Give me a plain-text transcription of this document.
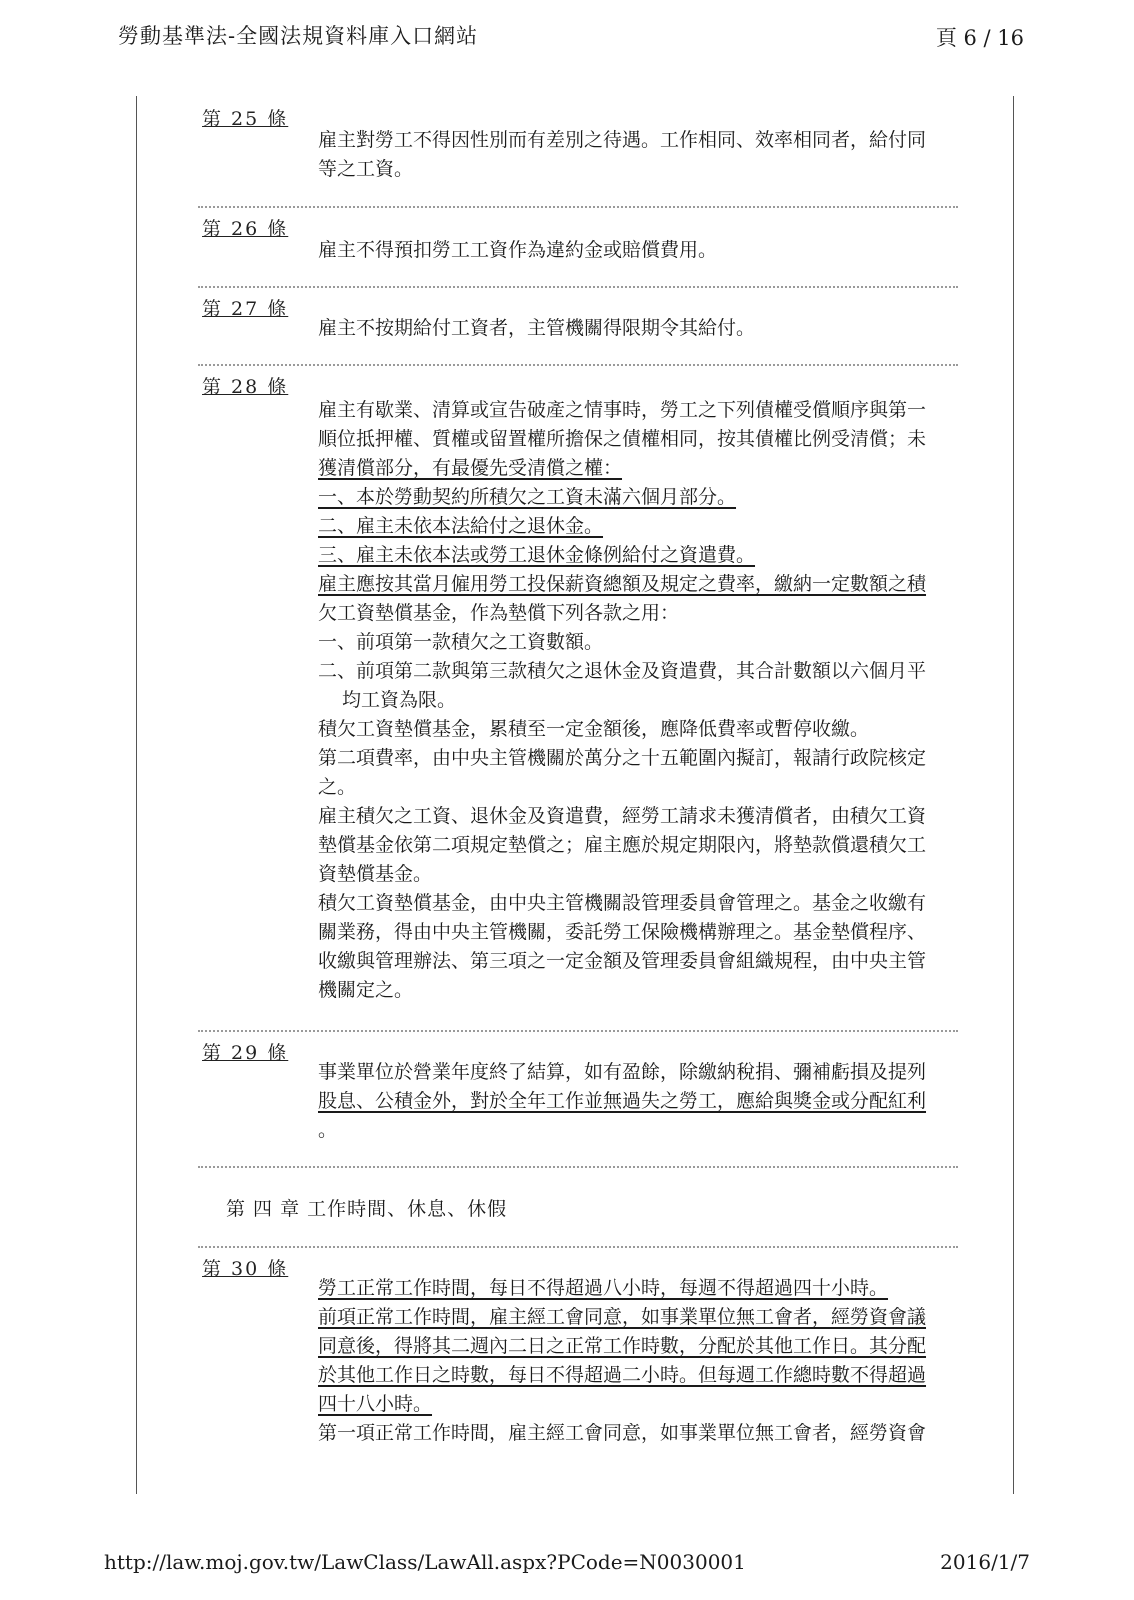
勞動基準法-全國法規資料庫入口網站	頁 6 / 16
第 25 條
雇主對勞工不得因性別而有差別之待遇。工作相同、效率相同者，給付同
等之工資。
第 26 條
雇主不得預扣勞工工資作為違約金或賠償費用。
第 27 條
雇主不按期給付工資者，主管機關得限期令其給付。
第 28 條
雇主有歇業、清算或宣告破產之情事時，勞工之下列債權受償順序與第一
順位抵押權、質權或留置權所擔保之債權相同，按其債權比例受清償；未
獲清償部分，有最優先受清償之權：
一、本於勞動契約所積欠之工資未滿六個月部分。
二、雇主未依本法給付之退休金。
三、雇主未依本法或勞工退休金條例給付之資遣費。
雇主應按其當月僱用勞工投保薪資總額及規定之費率，繳納一定數額之積
欠工資墊償基金，作為墊償下列各款之用：
一、前項第一款積欠之工資數額。
二、前項第二款與第三款積欠之退休金及資遣費，其合計數額以六個月平
均工資為限。
積欠工資墊償基金，累積至一定金額後，應降低費率或暫停收繳。
第二項費率，由中央主管機關於萬分之十五範圍內擬訂，報請行政院核定
之。
雇主積欠之工資、退休金及資遣費，經勞工請求未獲清償者，由積欠工資
墊償基金依第二項規定墊償之；雇主應於規定期限內，將墊款償還積欠工
資墊償基金。
積欠工資墊償基金，由中央主管機關設管理委員會管理之。基金之收繳有
關業務，得由中央主管機關，委託勞工保險機構辦理之。基金墊償程序、
收繳與管理辦法、第三項之一定金額及管理委員會組織規程，由中央主管
機關定之。
第 29 條
事業單位於營業年度終了結算，如有盈餘，除繳納稅捐、彌補虧損及提列
股息、公積金外，對於全年工作並無過失之勞工，應給與獎金或分配紅利
。
第 四 章 工作時間、休息、休假
第 30 條
勞工正常工作時間，每日不得超過八小時，每週不得超過四十小時。
前項正常工作時間，雇主經工會同意，如事業單位無工會者，經勞資會議
同意後，得將其二週內二日之正常工作時數，分配於其他工作日。其分配
於其他工作日之時數，每日不得超過二小時。但每週工作總時數不得超過
四十八小時。
第一項正常工作時間，雇主經工會同意，如事業單位無工會者，經勞資會
http://law.moj.gov.tw/LawClass/LawAll.aspx?PCode=N0030001	2016/1/7
